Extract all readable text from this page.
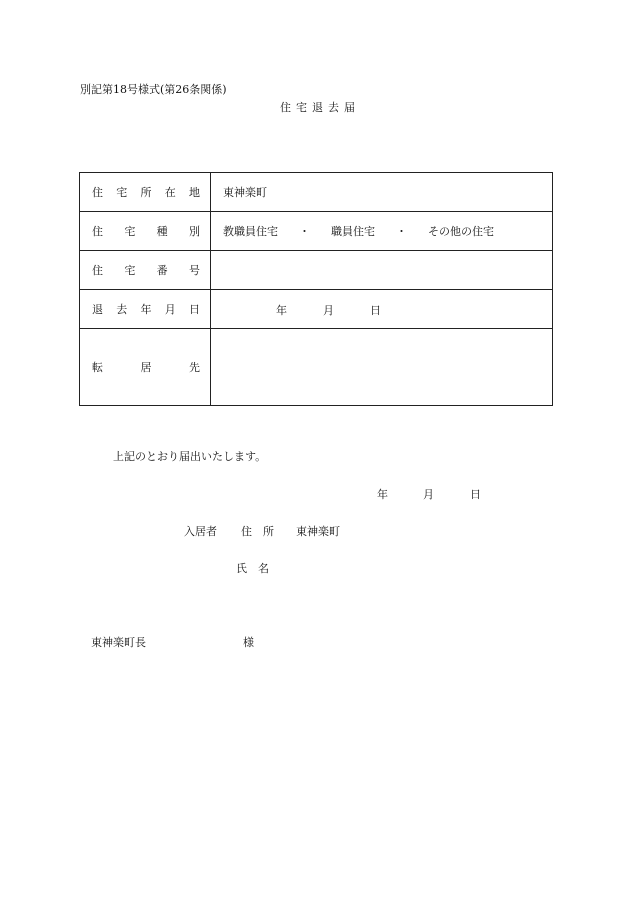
別記第18号様式(第26条関係)
住宅退去届
住 宅 所 在 地	東神楽町

住 宅 種 別	教職員住宅 ・ 職員住宅 ・ その他の住宅

住 宅 番 号	

退 去 年 月 日	年 月 日

転 居 先	

上記のとおり届出いたします。
年	月	日
入居者 住　所 東神楽町
氏　名
東神楽町長	様
